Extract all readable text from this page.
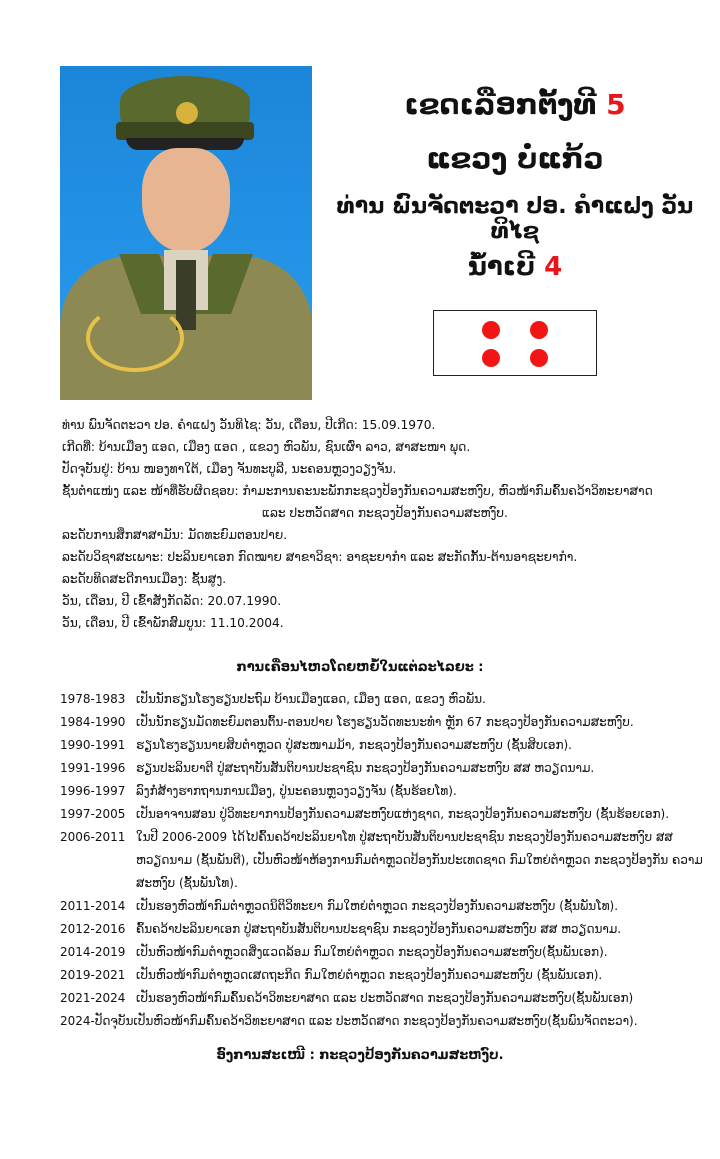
ເຂດເລືອກຕັ້ງທີ 5
ແຂວງ ບໍ່ແກ້ວ
ທ່ານ ພົນຈັດຕະວາ ປອ. ຄໍາແຝງ ວັນທິໄຊ
ນໍ້າເບີ 4
ທ່ານ ພົນຈັດຕະວາ ປອ. ຄໍາແຝງ ວັນທິໄຊ: ວັນ, ເດືອນ, ປີເກີດ: 15.09.1970.
ເກີດທີ່: ບ້ານເມືອງ ແອດ, ເມືອງ ແອດ , ແຂວງ ຫົວພັນ, ຊົນເຜົ່າ ລາວ, ສາສະໜາ ພຸດ.
ປັດຈຸບັນຢູ່: ບ້ານ ໜອງທາໃຕ້, ເມືອງ ຈັນທະບູລີ, ນະຄອນຫຼວງວຽງຈັນ.
ຊັ້ນຕໍາແໜ່ງ ແລະ ໜ້າທີ່ຮັບຜິດຊອບ: ກໍາມະການຄະນະພັກກະຊວງປ້ອງກັນຄວາມສະຫງົບ, ຫົວໜ້າກົມຄົ້ນຄວ້າວິທະຍາສາດ
ແລະ ປະຫວັດສາດ ກະຊວງປ້ອງກັນຄວາມສະຫງົບ.
ລະດັບການສຶກສາສາມັນ: ມັດທະຍົມຕອນປາຍ.
ລະດັບວິຊາສະເພາະ: ປະລິນຍາເອກ ກົດໝາຍ ສາຂາວິຊາ: ອາຊະຍາກໍາ ແລະ ສະກັດກັ້ນ-ຕ້ານອາຊະຍາກໍາ.
ລະດັບທິດສະດີການເມືອງ: ຊັ້ນສູງ.
ວັນ, ເດືອນ, ປີ ເຂົ້າສັງກັດລັດ: 20.07.1990.
ວັນ, ເດືອນ, ປີ ເຂົ້າພັກສົມບູນ: 11.10.2004.
ການເຄື່ອນໄຫວໂດຍຫຍໍ້ໃນແຕ່ລະໄລຍະ :
1978-1983 ເປັນນັກຮຽນໂຮງຮຽນປະຖົມ ບ້ານເມືອງແອດ, ເມືອງ ແອດ, ແຂວງ ຫົວພັນ.
1984-1990 ເປັນນັກຮຽນມັດທະຍົມຕອນຕົ້ນ-ຕອນປາຍ ໂຮງຮຽນວັດທະນະທໍາ ຫຼັກ 67 ກະຊວງປ້ອງກັນຄວາມສະຫງົບ.
1990-1991 ຮຽນໂຮງຮຽນນາຍສິບຕໍາຫຼວດ ປູ່ສະໜາມມ້າ, ກະຊວງປ້ອງກັນຄວາມສະຫງົບ (ຊັ້ນສິບເອກ).
1991-1996 ຮຽນປະລິນຍາຕີ ປູ່ສະຖາບັນສັນຕິບານປະຊາຊົນ ກະຊວງປ້ອງກັນຄວາມສະຫງົບ ສສ ຫວຽດນາມ.
1996-1997 ລົງກໍ່ສ້າງຮາກຖານການເມືອງ, ປູ່ນະຄອນຫຼວງວຽງຈັນ (ຊັ້ນຮ້ອຍໂທ).
1997-2005 ເປັນອາຈານສອນ ປູ່ວິທະຍາການປ້ອງກັນຄວາມສະຫງົບແຫ່ງຊາດ, ກະຊວງປ້ອງກັນຄວາມສະຫງົບ (ຊັ້ນຮ້ອຍເອກ).
2006-2011 ໃນປີ 2006-2009 ໄດ້ໄປຄົ້ນຄວ້າປະລິນຍາໂທ ປູ່ສະຖາບັນສັນຕິບານປະຊາຊົນ ກະຊວງປ້ອງກັນຄວາມສະຫງົບ ສສ ຫວຽດນາມ (ຊັ້ນພັນຕີ), ເປັນຫົວໜ້າຫ້ອງການກົມຕໍາຫຼວດປ້ອງກັນປະເທດຊາດ ກົມໃຫຍ່ຕໍາຫຼວດ ກະຊວງປ້ອງກັນ ຄວາມສະຫງົບ (ຊັ້ນພັນໂທ).
2011-2014 ເປັນຮອງຫົວໜ້າກົມຕໍາຫຼວດນິຕິວິທະຍາ ກົມໃຫຍ່ຕໍາຫຼວດ ກະຊວງປ້ອງກັນຄວາມສະຫງົບ (ຊັ້ນພັນໂທ).
2012-2016 ຄົ້ນຄວ້າປະລິນຍາເອກ ປູ່ສະຖາບັນສັນຕິບານປະຊາຊົນ ກະຊວງປ້ອງກັນຄວາມສະຫງົບ ສສ ຫວຽດນາມ.
2014-2019 ເປັນຫົວໜ້າກົມຕໍາຫຼວດສິ່ງແວດລ້ອມ ກົມໃຫຍ່ຕໍາຫຼວດ ກະຊວງປ້ອງກັນຄວາມສະຫງົບ(ຊັ້ນພັນເອກ).
2019-2021 ເປັນຫົວໜ້າກົມຕໍາຫຼວດເສດຖະກິດ ກົມໃຫຍ່ຕໍາຫຼວດ ກະຊວງປ້ອງກັນຄວາມສະຫງົບ (ຊັ້ນພັນເອກ).
2021-2024 ເປັນຮອງຫົວໜ້າກົມຄົ້ນຄວ້າວິທະຍາສາດ ແລະ ປະຫວັດສາດ ກະຊວງປ້ອງກັນຄວາມສະຫງົບ(ຊັ້ນພັນເອກ)
2024-ປັດຈຸບັນ ເປັນຫົວໜ້າກົມຄົ້ນຄວ້າວິທະຍາສາດ ແລະ ປະຫວັດສາດ ກະຊວງປ້ອງກັນຄວາມສະຫງົບ(ຊັ້ນພົນຈັດຕະວາ).
ອົງການສະເໜີ : ກະຊວງປ້ອງກັນຄວາມສະຫງົບ.
